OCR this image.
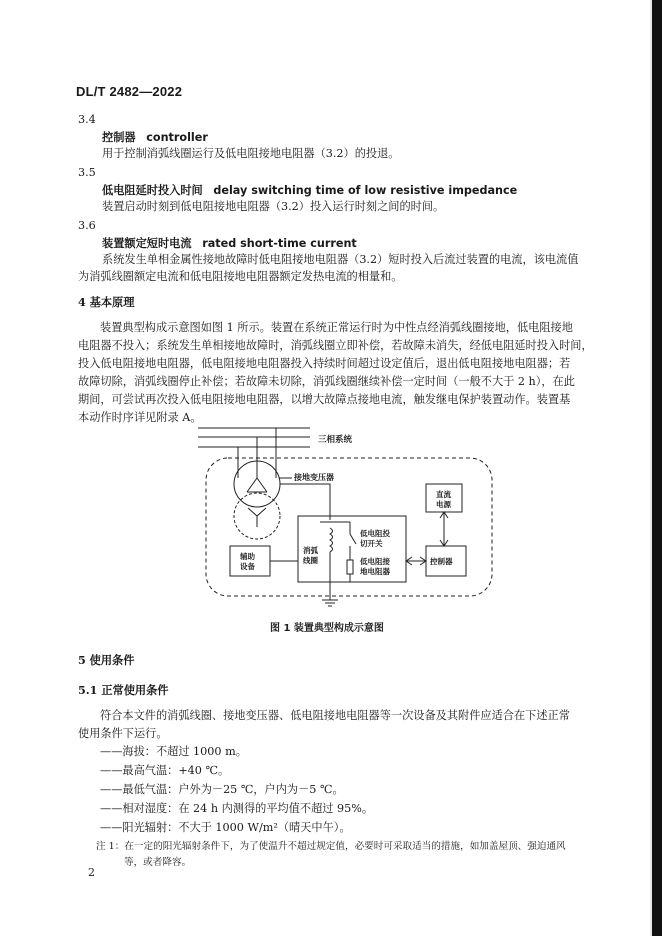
DL/T 2482—2022
3.4
控制器 controller
用于控制消弧线圈运行及低电阻接地电阻器（3.2）的投退。
3.5
低电阻延时投入时间 delay switching time of low resistive impedance
装置启动时刻到低电阻接地电阻器（3.2）投入运行时刻之间的时间。
3.6
装置额定短时电流 rated short-time current
系统发生单相金属性接地故障时低电阻接地电阻器（3.2）短时投入后流过装置的电流，该电流值
为消弧线圈额定电流和低电阻接地电阻器额定发热电流的相量和。
4 基本原理
装置典型构成示意图如图 1 所示。装置在系统正常运行时为中性点经消弧线圈接地，低电阻接地
电阻器不投入；系统发生单相接地故障时，消弧线圈立即补偿，若故障未消失，经低电阻延时投入时间，
投入低电阻接地电阻器，低电阻接地电阻器投入持续时间超过设定值后，退出低电阻接地电阻器；若
故障切除，消弧线圈停止补偿；若故障未切除，消弧线圈继续补偿一定时间（一般不大于 2 h），在此
期间，可尝试再次投入低电阻接地电阻器，以增大故障点接地电流，触发继电保护装置动作。装置基
本动作时序详见附录 A。
三相系统
接地变压器
直流
电源
低电阻投
切开关
低电阻接
地电阻器
辅助
设备
消弧
线圈	控制器
图 1 装置典型构成示意图
5 使用条件
5.1 正常使用条件
符合本文件的消弧线圈、接地变压器、低电阻接地电阻器等一次设备及其附件应适合在下述正常
使用条件下运行。
——海拔：不超过 1000 m。
——最高气温：+40 ℃。
——最低气温：户外为－25 ℃，户内为－5 ℃。
——相对湿度：在 24 h 内测得的平均值不超过 95%。
——阳光辐射：不大于 1000 W/m²（晴天中午）。
注 1：在一定的阳光辐射条件下，为了使温升不超过规定值，必要时可采取适当的措施，如加盖屋顶、强迫通风
等，或者降容。
2
